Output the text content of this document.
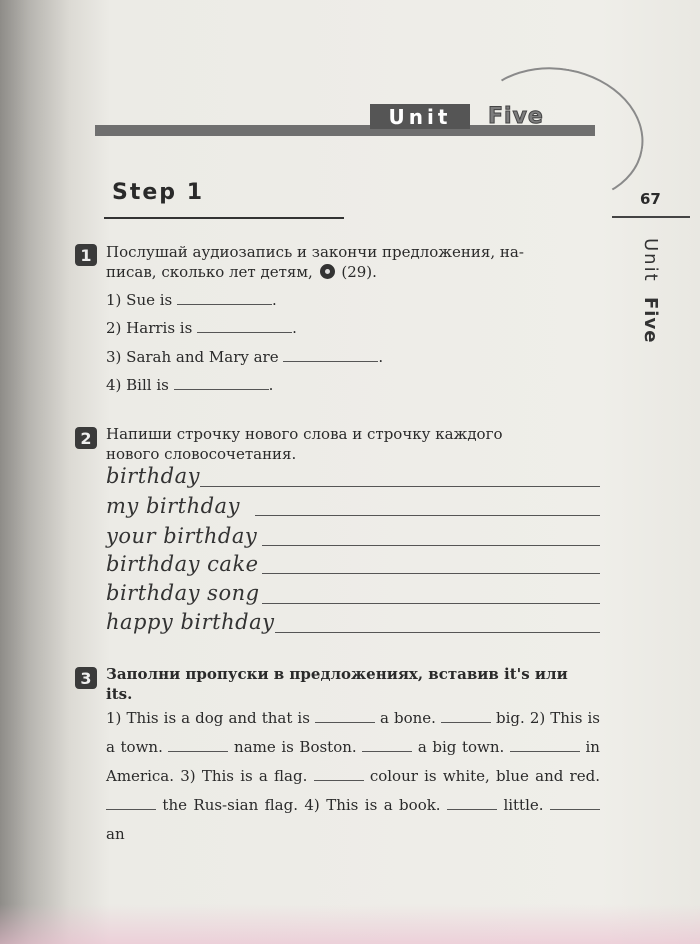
Unit	Five
Step 1	67
Unit
Five
1 Послушай аудиозапись и закончи предложения, на-
писав, сколько лет детям, (29).
1) Sue is	.
2) Harris is	.
3) Sarah and Mary are	.
4) Bill is	.
2 Напиши строчку нового слова и строчку каждого
нового словосочетания.
birthday
my birthday
your birthday
birthday cake
birthday song
happy birthday
3 Заполни пропуски в предложениях, вставив it's или
its.
1) This is a dog and that is	a bone.	big. 2) This is a town.	name is Boston.	a big town.	in America. 3) This is a flag.	colour is white, blue and red.  the Rus-sian flag. 4) This is a book.	little.  an
